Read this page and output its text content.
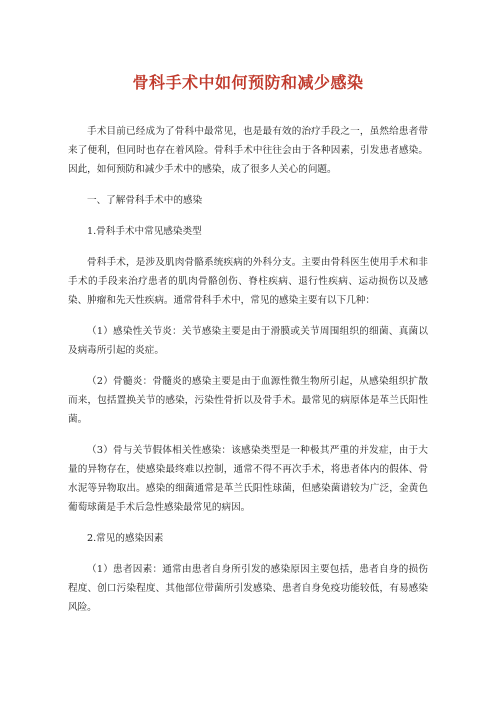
骨科手术中如何预防和减少感染

手术目前已经成为了骨科中最常见，也是最有效的治疗手段之一，虽然给患者带来了便利，但同时也存在着风险。骨科手术中往往会由于各种因素，引发患者感染。因此，如何预防和减少手术中的感染，成了很多人关心的问题。

一、了解骨科手术中的感染

1.骨科手术中常见感染类型

骨科手术，是涉及肌肉骨骼系统疾病的外科分支。主要由骨科医生使用手术和非手术的手段来治疗患者的肌肉骨骼创伤、脊柱疾病、退行性疾病、运动损伤以及感染、肿瘤和先天性疾病。通常骨科手术中，常见的感染主要有以下几种：

（1）感染性关节炎：关节感染主要是由于滑膜或关节周围组织的细菌、真菌以及病毒所引起的炎症。

（2）骨髓炎：骨髓炎的感染主要是由于血源性微生物所引起，从感染组织扩散而来，包括置换关节的感染，污染性骨折以及骨手术。最常见的病原体是革兰氏阳性菌。

（3）骨与关节假体相关性感染：该感染类型是一种极其严重的并发症，由于大量的异物存在，使感染最终难以控制，通常不得不再次手术，将患者体内的假体、骨水泥等异物取出。感染的细菌通常是革兰氏阳性球菌，但感染菌谱较为广泛，金黄色葡萄球菌是手术后急性感染最常见的病因。

2.常见的感染因素

（1）患者因素：通常由患者自身所引发的感染原因主要包括，患者自身的损伤程度、创口污染程度、其他部位带菌所引发感染、患者自身免疫功能较低，有易感染风险。
